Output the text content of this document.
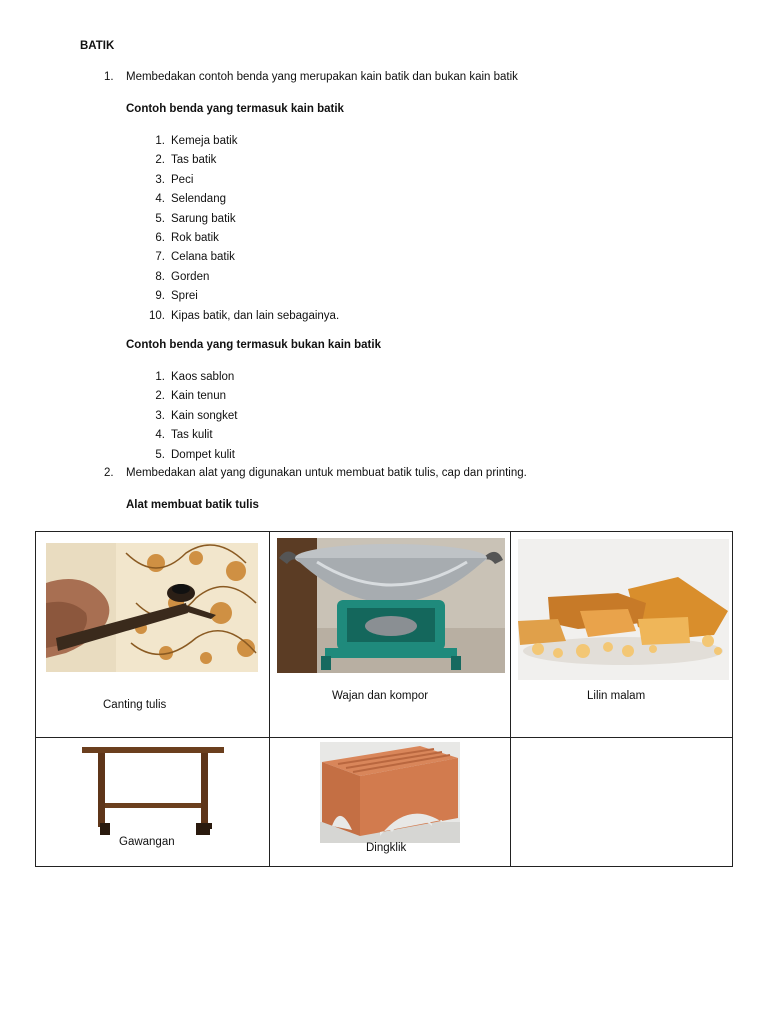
BATIK
1. Membedakan contoh benda yang merupakan kain batik dan bukan kain batik
Contoh benda yang termasuk kain batik
1. Kemeja batik
2. Tas batik
3. Peci
4. Selendang
5. Sarung batik
6. Rok batik
7. Celana batik
8. Gorden
9. Sprei
10. Kipas batik, dan lain sebagainya.
Contoh benda yang termasuk bukan kain batik
1. Kaos sablon
2. Kain tenun
3. Kain songket
4. Tas kulit
5. Dompet kulit
2. Membedakan alat yang digunakan untuk membuat batik tulis, cap dan printing.
Alat membuat batik tulis
Canting tulis
Wajan dan kompor	Lilin malam
Gawangan	Dingklik
